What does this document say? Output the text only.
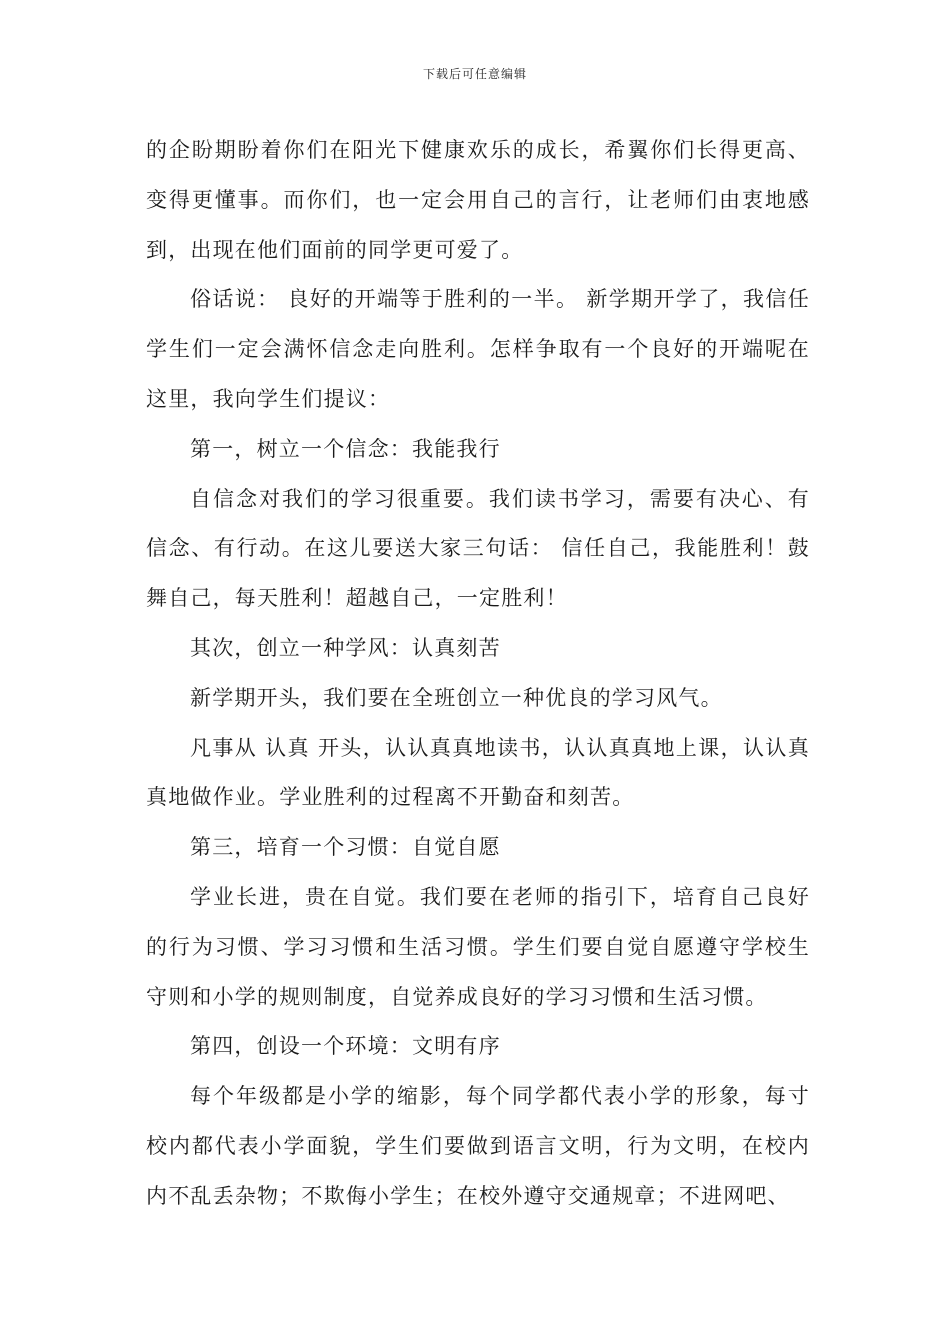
下载后可任意编辑

的企盼期盼着你们在阳光下健康欢乐的成长，希翼你们长得更高、变得更懂事。而你们，也一定会用自己的言行，让老师们由衷地感到，出现在他们面前的同学更可爱了。

俗话说： 良好的开端等于胜利的一半。 新学期开学了，我信任学生们一定会满怀信念走向胜利。怎样争取有一个良好的开端呢在这里，我向学生们提议：

第一，树立一个信念：我能我行

自信念对我们的学习很重要。我们读书学习，需要有决心、有信念、有行动。在这儿要送大家三句话： 信任自己，我能胜利！鼓舞自己，每天胜利！超越自己，一定胜利！

其次，创立一种学风：认真刻苦

新学期开头，我们要在全班创立一种优良的学习风气。

凡事从 认真 开头，认认真真地读书，认认真真地上课，认认真真地做作业。学业胜利的过程离不开勤奋和刻苦。

第三，培育一个习惯：自觉自愿

学业长进，贵在自觉。我们要在老师的指引下，培育自己良好的行为习惯、学习习惯和生活习惯。学生们要自觉自愿遵守学校生守则和小学的规则制度，自觉养成良好的学习习惯和生活习惯。

第四，创设一个环境：文明有序

每个年级都是小学的缩影，每个同学都代表小学的形象，每寸校内都代表小学面貌，学生们要做到语言文明，行为文明，在校内内不乱丢杂物；不欺侮小学生；在校外遵守交通规章；不进网吧、
